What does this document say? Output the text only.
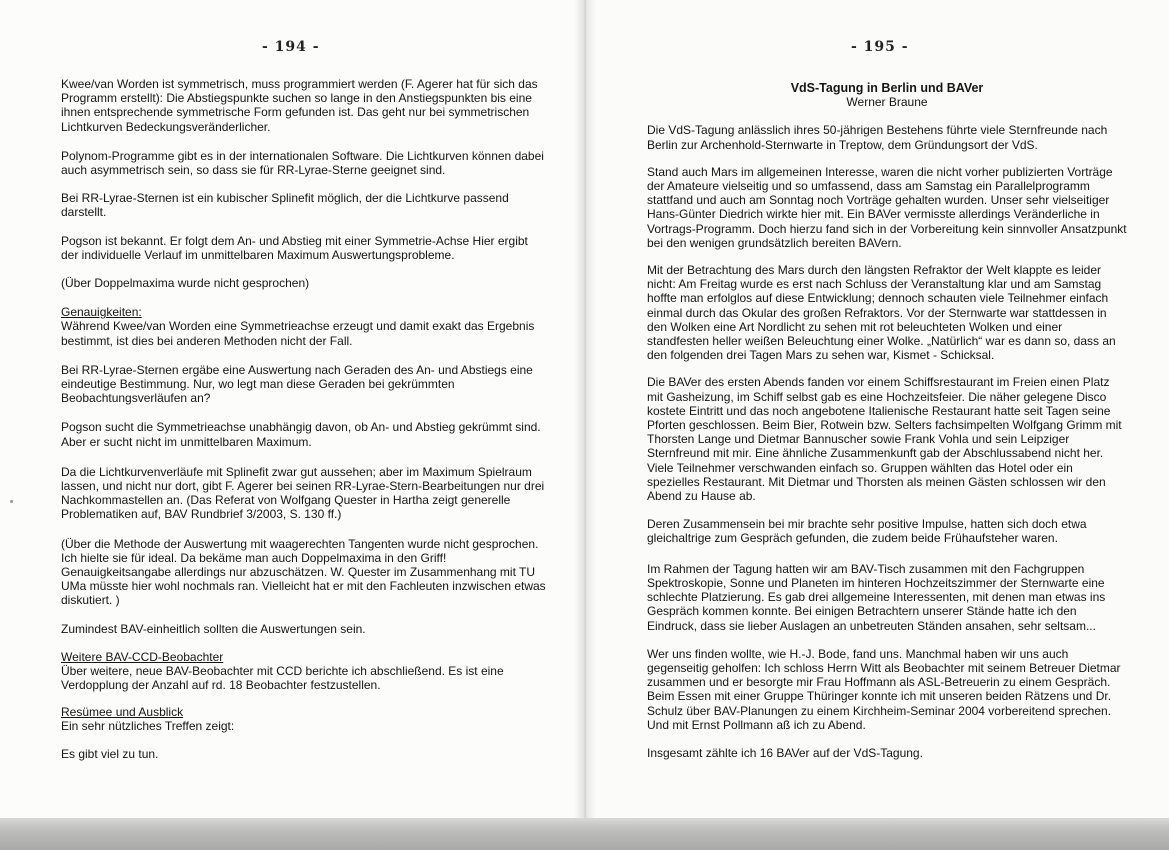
- 194 -

Kwee/van Worden ist symmetrisch, muss programmiert werden (F. Agerer hat für sich das Programm erstellt): Die Abstiegspunkte suchen so lange in den Anstiegspunkten bis eine ihnen entsprechende symmetrische Form gefunden ist. Das geht nur bei symmetrischen Lichtkurven Bedeckungsveränderlicher.

Polynom-Programme gibt es in der internationalen Software. Die Lichtkurven können dabei auch asymmetrisch sein, so dass sie für RR-Lyrae-Sterne geeignet sind.

Bei RR-Lyrae-Sternen ist ein kubischer Splinefit möglich, der die Lichtkurve passend darstellt.

Pogson ist bekannt. Er folgt dem An- und Abstieg mit einer Symmetrie-Achse Hier ergibt der individuelle Verlauf im unmittelbaren Maximum Auswertungsprobleme.

(Über Doppelmaxima wurde nicht gesprochen)

Genauigkeiten:

Während Kwee/van Worden eine Symmetrieachse erzeugt und damit exakt das Ergebnis bestimmt, ist dies bei anderen Methoden nicht der Fall.

Bei RR-Lyrae-Sternen ergäbe eine Auswertung nach Geraden des An- und Abstiegs eine eindeutige Bestimmung. Nur, wo legt man diese Geraden bei gekrümmten Beobachtungsverläufen an?

Pogson sucht die Symmetrieachse unabhängig davon, ob An- und Abstieg gekrümmt sind. Aber er sucht nicht im unmittelbaren Maximum.

Da die Lichtkurvenverläufe mit Splinefit zwar gut aussehen; aber im Maximum Spielraum lassen, und nicht nur dort, gibt F. Agerer bei seinen RR-Lyrae-Stern-Bearbeitungen nur drei Nachkommastellen an. (Das Referat von Wolfgang Quester in Hartha zeigt generelle Problematiken auf, BAV Rundbrief 3/2003, S. 130 ff.)

(Über die Methode der Auswertung mit waagerechten Tangenten wurde nicht gesprochen. Ich hielte sie für ideal. Da bekäme man auch Doppelmaxima in den Griff! Genauigkeitsangabe allerdings nur abzuschätzen. W. Quester im Zusammenhang mit TU UMa müsste hier wohl nochmals ran. Vielleicht hat er mit den Fachleuten inzwischen etwas diskutiert. )

Zumindest BAV-einheitlich sollten die Auswertungen sein.

Weitere BAV-CCD-Beobachter

Über weitere, neue BAV-Beobachter mit CCD berichte ich abschließend. Es ist eine Verdopplung der Anzahl auf rd. 18 Beobachter festzustellen.

Resümee und Ausblick

Ein sehr nützliches Treffen zeigt:

Es gibt viel zu tun.

- 195 -

VdS-Tagung in Berlin und BAVer

Werner Braune

Die VdS-Tagung anlässlich ihres 50-jährigen Bestehens führte viele Sternfreunde nach Berlin zur Archenhold-Sternwarte in Treptow, dem Gründungsort der VdS.

Stand auch Mars im allgemeinen Interesse, waren die nicht vorher publizierten Vorträge der Amateure vielseitig und so umfassend, dass am Samstag ein Parallelprogramm stattfand und auch am Sonntag noch Vorträge gehalten wurden. Unser sehr vielseitiger Hans-Günter Diedrich wirkte hier mit. Ein BAVer vermisste allerdings Veränderliche in Vortrags-Programm. Doch hierzu fand sich in der Vorbereitung kein sinnvoller Ansatzpunkt bei den wenigen grundsätzlich bereiten BAVern.

Mit der Betrachtung des Mars durch den längsten Refraktor der Welt klappte es leider nicht: Am Freitag wurde es erst nach Schluss der Veranstaltung klar und am Samstag hoffte man erfolglos auf diese Entwicklung; dennoch schauten viele Teilnehmer einfach einmal durch das Okular des großen Refraktors. Vor der Sternwarte war stattdessen in den Wolken eine Art Nordlicht zu sehen mit rot beleuchteten Wolken und einer standfesten heller weißen Beleuchtung einer Wolke. „Natürlich“ war es dann so, dass an den folgenden drei Tagen Mars zu sehen war, Kismet - Schicksal.

Die BAVer des ersten Abends fanden vor einem Schiffsrestaurant im Freien einen Platz mit Gasheizung, im Schiff selbst gab es eine Hochzeitsfeier. Die näher gelegene Disco kostete Eintritt und das noch angebotene Italienische Restaurant hatte seit Tagen seine Pforten geschlossen. Beim Bier, Rotwein bzw. Selters fachsimpelten Wolfgang Grimm mit Thorsten Lange und Dietmar Bannuscher sowie Frank Vohla und sein Leipziger Sternfreund mit mir. Eine ähnliche Zusammenkunft gab der Abschlussabend nicht her. Viele Teilnehmer verschwanden einfach so. Gruppen wählten das Hotel oder ein spezielles Restaurant. Mit Dietmar und Thorsten als meinen Gästen schlossen wir den Abend zu Hause ab.

Deren Zusammensein bei mir brachte sehr positive Impulse, hatten sich doch etwa gleichaltrige zum Gespräch gefunden, die zudem beide Frühaufsteher waren.

Im Rahmen der Tagung hatten wir am BAV-Tisch zusammen mit den Fachgruppen Spektroskopie, Sonne und Planeten im hinteren Hochzeitszimmer der Sternwarte eine schlechte Platzierung. Es gab drei allgemeine Interessenten, mit denen man etwas ins Gespräch kommen konnte. Bei einigen Betrachtern unserer Stände hatte ich den Eindruck, dass sie lieber Auslagen an unbetreuten Ständen ansahen, sehr seltsam...

Wer uns finden wollte, wie H.-J. Bode, fand uns. Manchmal haben wir uns auch gegenseitig geholfen: Ich schloss Herrn Witt als Beobachter mit seinem Betreuer Dietmar zusammen und er besorgte mir Frau Hoffmann als ASL-Betreuerin zu einem Gespräch. Beim Essen mit einer Gruppe Thüringer konnte ich mit unseren beiden Rätzens und Dr. Schulz über BAV-Planungen zu einem Kirchheim-Seminar 2004 vorbereitend sprechen. Und mit Ernst Pollmann aß ich zu Abend.

Insgesamt zählte ich 16 BAVer auf der VdS-Tagung.
